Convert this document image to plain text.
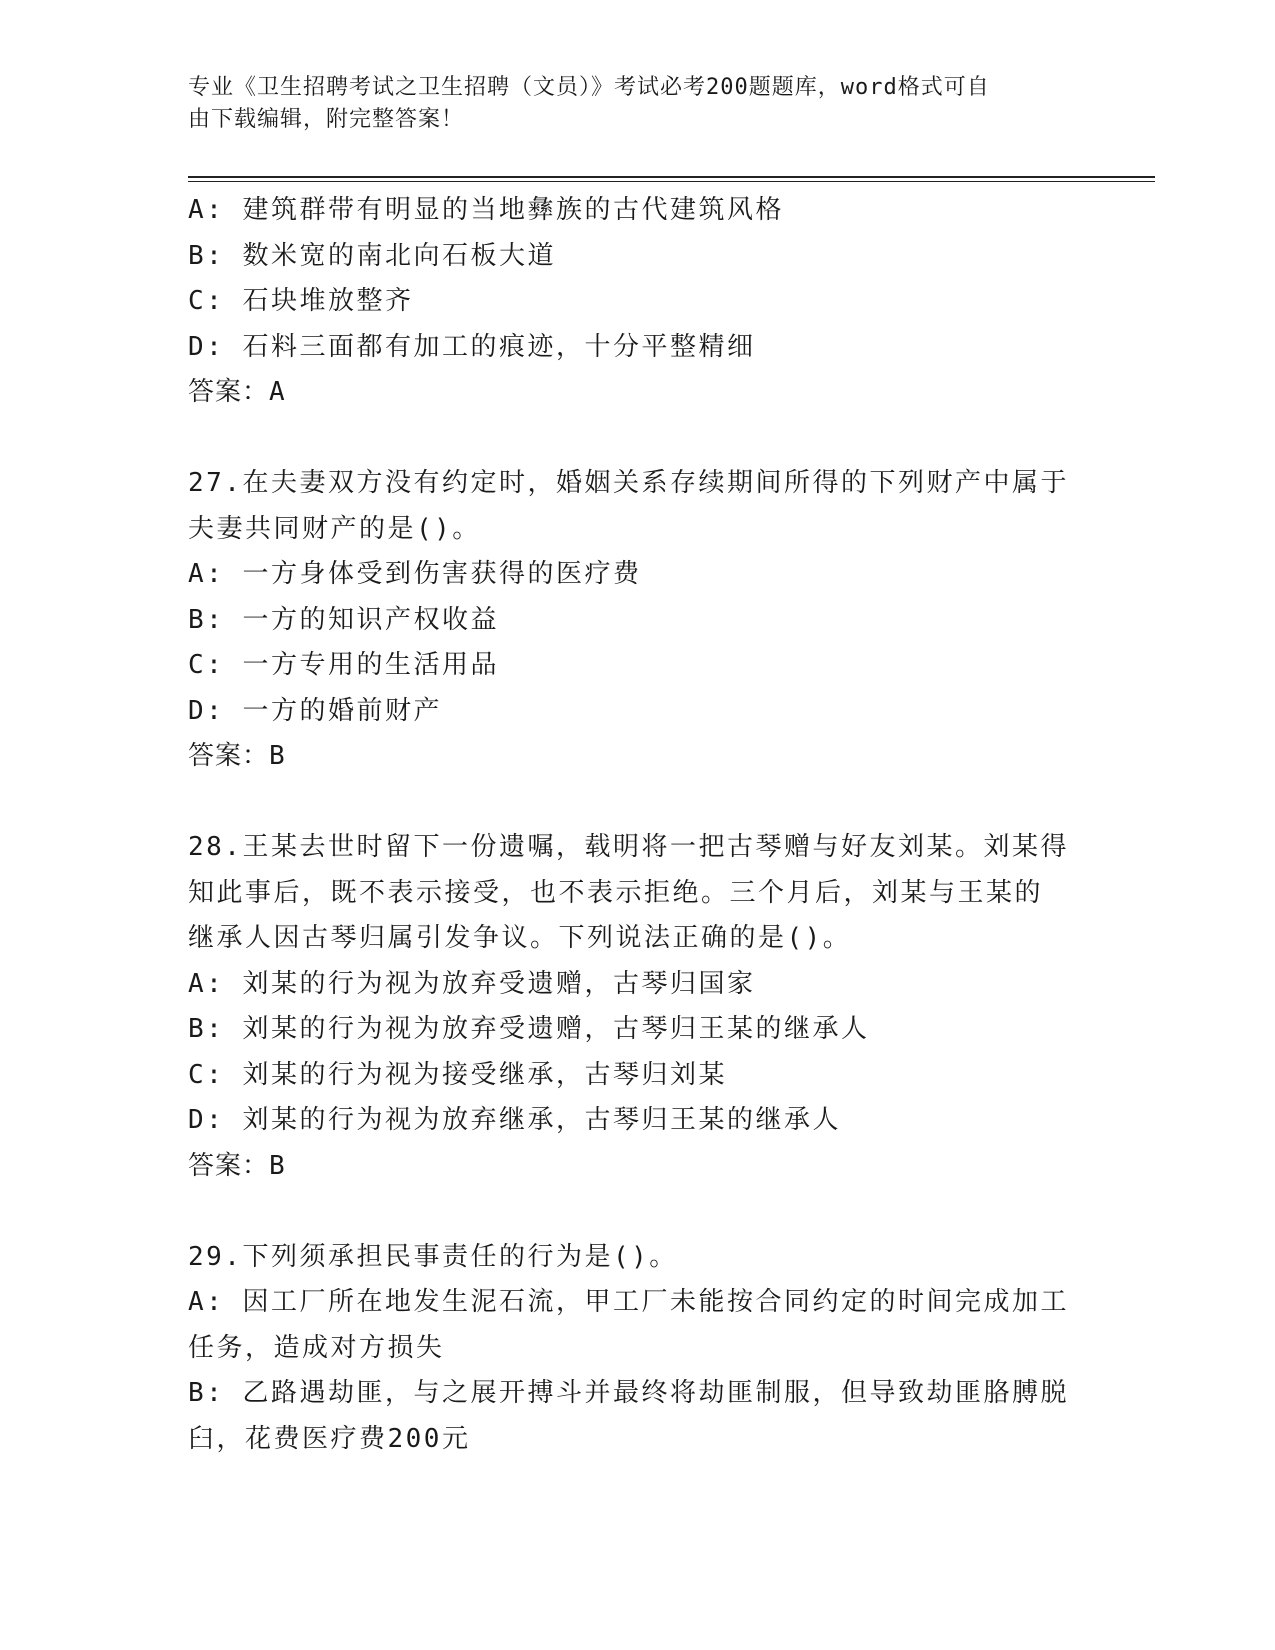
专业《卫生招聘考试之卫生招聘（文员）》考试必考200题题库，word格式可自
由下载编辑，附完整答案！
A: 建筑群带有明显的当地彝族的古代建筑风格
B: 数米宽的南北向石板大道
C: 石块堆放整齐
D: 石料三面都有加工的痕迹，十分平整精细
答案：A
27.在夫妻双方没有约定时，婚姻关系存续期间所得的下列财产中属于
夫妻共同财产的是()。
A: 一方身体受到伤害获得的医疗费
B: 一方的知识产权收益
C: 一方专用的生活用品
D: 一方的婚前财产
答案：B
28.王某去世时留下一份遗嘱，载明将一把古琴赠与好友刘某。刘某得
知此事后，既不表示接受，也不表示拒绝。三个月后，刘某与王某的
继承人因古琴归属引发争议。下列说法正确的是()。
A: 刘某的行为视为放弃受遗赠，古琴归国家
B: 刘某的行为视为放弃受遗赠，古琴归王某的继承人
C: 刘某的行为视为接受继承，古琴归刘某
D: 刘某的行为视为放弃继承，古琴归王某的继承人
答案：B
29.下列须承担民事责任的行为是()。
A: 因工厂所在地发生泥石流，甲工厂未能按合同约定的时间完成加工
任务，造成对方损失
B: 乙路遇劫匪，与之展开搏斗并最终将劫匪制服，但导致劫匪胳膊脱
臼，花费医疗费200元
